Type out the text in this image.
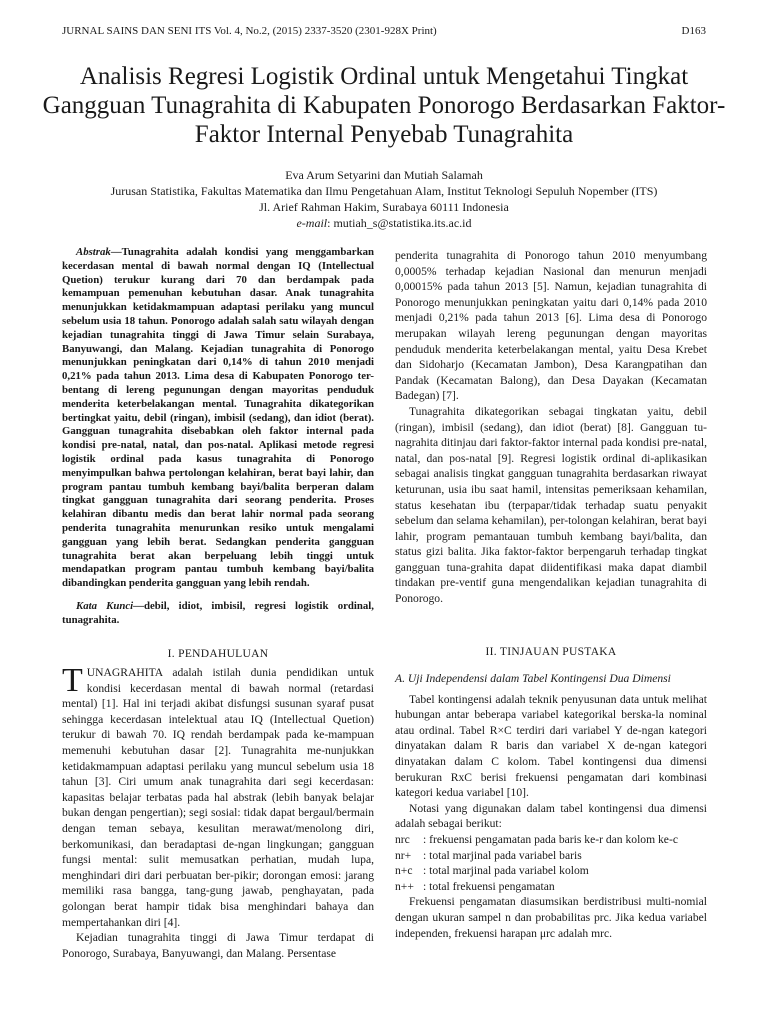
JURNAL SAINS DAN SENI ITS Vol. 4, No.2, (2015) 2337-3520 (2301-928X Print)	D163
Analisis Regresi Logistik Ordinal untuk Mengetahui Tingkat Gangguan Tunagrahita di Kabupaten Ponorogo Berdasarkan Faktor-Faktor Internal Penyebab Tunagrahita
Eva Arum Setyarini dan Mutiah Salamah
Jurusan Statistika, Fakultas Matematika dan Ilmu Pengetahuan Alam, Institut Teknologi Sepuluh Nopember (ITS)
Jl. Arief Rahman Hakim, Surabaya 60111 Indonesia
e-mail: mutiah_s@statistika.its.ac.id
Abstrak—Tunagrahita adalah kondisi yang menggambarkan kecerdasan mental di bawah normal dengan IQ (Intellectual Quetion) terukur kurang dari 70 dan berdampak pada kemampuan pemenuhan kebutuhan dasar. Anak tunagrahita menunjukkan ketidakmampuan adaptasi perilaku yang muncul sebelum usia 18 tahun. Ponorogo adalah salah satu wilayah dengan kejadian tunagrahita tinggi di Jawa Timur selain Surabaya, Banyuwangi, dan Malang. Kejadian tunagrahita di Ponorogo menunjukkan peningkatan dari 0,14% di tahun 2010 menjadi 0,21% pada tahun 2013. Lima desa di Kabupaten Ponorogo ter-bentang di lereng pegunungan dengan mayoritas penduduk menderita keterbelakangan mental. Tunagrahita dikategorikan bertingkat yaitu, debil (ringan), imbisil (sedang), dan idiot (berat). Gangguan tunagrahita disebabkan oleh faktor internal pada kondisi pre-natal, natal, dan pos-natal. Aplikasi metode regresi logistik ordinal pada kasus tunagrahita di Ponorogo menyimpulkan bahwa pertolongan kelahiran, berat bayi lahir, dan program pantau tumbuh kembang bayi/balita berperan dalam tingkat gangguan tunagrahita dari seorang penderita. Proses kelahiran dibantu medis dan berat lahir normal pada seorang penderita tunagrahita menurunkan resiko untuk mengalami gangguan yang lebih berat. Sedangkan penderita gangguan tunagrahita berat akan berpeluang lebih tinggi untuk mendapatkan program pantau tumbuh kembang bayi/balita dibandingkan penderita gangguan yang lebih rendah.
Kata Kunci—debil, idiot, imbisil, regresi logistik ordinal, tunagrahita.
I. PENDAHULUAN

TUNAGRAHITA adalah istilah dunia pendidikan untuk kondisi kecerdasan mental di bawah normal (retardasi mental) [1]. Hal ini terjadi akibat disfungsi susunan syaraf pusat sehingga kecerdasan intelektual atau IQ (Intellectual Quetion) terukur di bawah 70. IQ rendah berdampak pada ke-mampuan memenuhi kebutuhan dasar [2]. Tunagrahita me-nunjukkan ketidakmampuan adaptasi perilaku yang muncul sebelum usia 18 tahun [3]. Ciri umum anak tunagrahita dari segi kecerdasan: kapasitas belajar terbatas pada hal abstrak (lebih banyak belajar bukan dengan pengertian); segi sosial: tidak dapat bergaul/bermain dengan teman sebaya, kesulitan merawat/menolong diri, berkomunikasi, dan beradaptasi de-ngan lingkungan; gangguan fungsi mental: sulit memusatkan perhatian, mudah lupa, menghindari diri dari perbuatan ber-pikir; dorongan emosi: jarang memiliki rasa bangga, tang-gung jawab, penghayatan, pada golongan berat hampir tidak bisa menghindari bahaya dan mempertahankan diri [4].

Kejadian tunagrahita tinggi di Jawa Timur terdapat di Ponorogo, Surabaya, Banyuwangi, dan Malang. Persentase

penderita tunagrahita di Ponorogo tahun 2010 menyumbang 0,0005% terhadap kejadian Nasional dan menurun menjadi 0,00015% pada tahun 2013 [5]. Namun, kejadian tunagrahita di Ponorogo menunjukkan peningkatan yaitu dari 0,14% pada 2010 menjadi 0,21% pada tahun 2013 [6]. Lima desa di Ponorogo merupakan wilayah lereng pegunungan dengan mayoritas penduduk menderita keterbelakangan mental, yaitu Desa Krebet dan Sidoharjo (Kecamatan Jambon), Desa Karangpatihan dan Pandak (Kecamatan Balong), dan Desa Dayakan (Kecamatan Badegan) [7].

Tunagrahita dikategorikan sebagai tingkatan yaitu, debil (ringan), imbisil (sedang), dan idiot (berat) [8]. Gangguan tu-nagrahita ditinjau dari faktor-faktor internal pada kondisi pre-natal, natal, dan pos-natal [9]. Regresi logistik ordinal di-aplikasikan sebagai analisis tingkat gangguan tunagrahita berdasarkan riwayat keturunan, usia ibu saat hamil, intensitas pemeriksaan kehamilan, status kesehatan ibu (terpapar/tidak terhadap suatu penyakit sebelum dan selama kehamilan), per-tolongan kelahiran, berat bayi lahir, program pemantauan tumbuh kembang bayi/balita, dan status gizi balita. Jika faktor-faktor berpengaruh terhadap tingkat gangguan tuna-grahita dapat diidentifikasi maka dapat diambil tindakan pre-ventif guna mengendalikan kejadian tunagrahita di Ponorogo.

II. TINJAUAN PUSTAKA

A. Uji Independensi dalam Tabel Kontingensi Dua Dimensi

Tabel kontingensi adalah teknik penyusunan data untuk melihat hubungan antar beberapa variabel kategorikal berska-la nominal atau ordinal. Tabel R×C terdiri dari variabel Y de-ngan kategori dinyatakan dalam R baris dan variabel X de-ngan kategori dinyatakan dalam C kolom. Tabel kontingensi dua dimensi berukuran RxC berisi frekuensi pengamatan dari kombinasi kategori kedua variabel [10].

Notasi yang digunakan dalam tabel kontingensi dua dimensi adalah sebagai berikut:

nrc : frekuensi pengamatan pada baris ke-r dan kolom ke-c

nr+ : total marjinal pada variabel baris

n+c : total marjinal pada variabel kolom

n++ : total frekuensi pengamatan

Frekuensi pengamatan diasumsikan berdistribusi multi-nomial dengan ukuran sampel n dan probabilitas prc. Jika kedua variabel independen, frekuensi harapan μrc adalah mrc.
